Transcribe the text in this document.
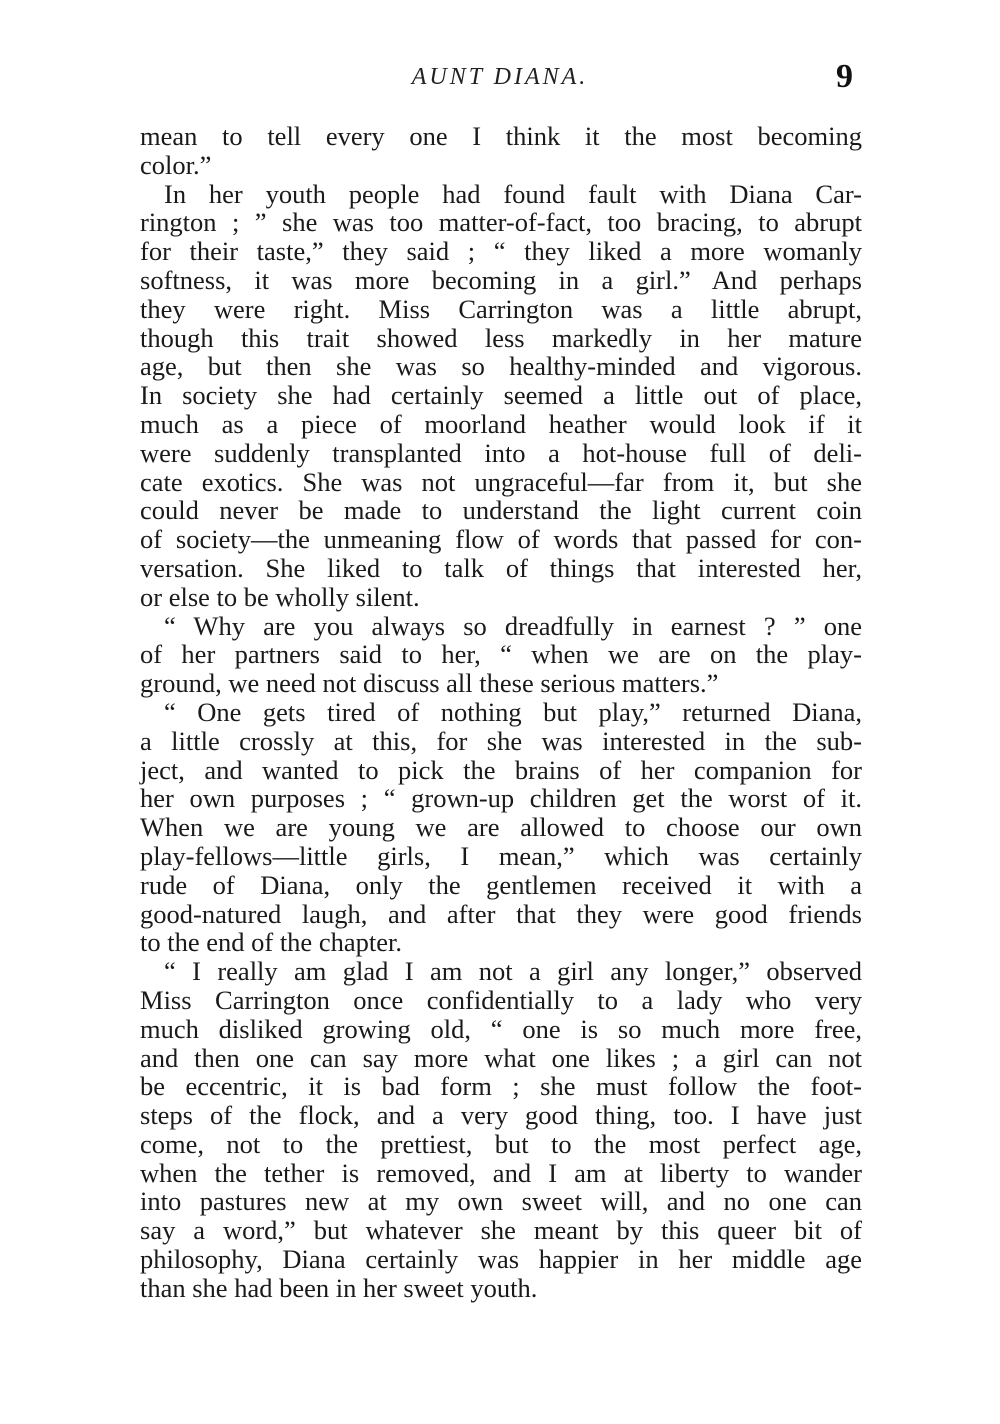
AUNT DIANA.	9
mean to tell every one I think it the most becoming
color.”
In her youth people had found fault with Diana Car-
rington ; ” she was too matter-of-fact, too bracing, to abrupt
for their taste,” they said ; “ they liked a more womanly
softness, it was more becoming in a girl.” And perhaps
they were right. Miss Carrington was a little abrupt,
though this trait showed less markedly in her mature
age, but then she was so healthy-minded and vigorous.
In society she had certainly seemed a little out of place,
much as a piece of moorland heather would look if it
were suddenly transplanted into a hot-house full of deli-
cate exotics. She was not ungraceful—far from it, but she
could never be made to understand the light current coin
of society—the unmeaning flow of words that passed for con-
versation. She liked to talk of things that interested her,
or else to be wholly silent.
“ Why are you always so dreadfully in earnest ? ” one
of her partners said to her, “ when we are on the play-
ground, we need not discuss all these serious matters.”
“ One gets tired of nothing but play,” returned Diana,
a little crossly at this, for she was interested in the sub-
ject, and wanted to pick the brains of her companion for
her own purposes ; “ grown-up children get the worst of it.
When we are young we are allowed to choose our own
play-fellows—little girls, I mean,” which was certainly
rude of Diana, only the gentlemen received it with a
good-natured laugh, and after that they were good friends
to the end of the chapter.
“ I really am glad I am not a girl any longer,” observed
Miss Carrington once confidentially to a lady who very
much disliked growing old, “ one is so much more free,
and then one can say more what one likes ; a girl can not
be eccentric, it is bad form ; she must follow the foot-
steps of the flock, and a very good thing, too. I have just
come, not to the prettiest, but to the most perfect age,
when the tether is removed, and I am at liberty to wander
into pastures new at my own sweet will, and no one can
say a word,” but whatever she meant by this queer bit of
philosophy, Diana certainly was happier in her middle age
than she had been in her sweet youth.
